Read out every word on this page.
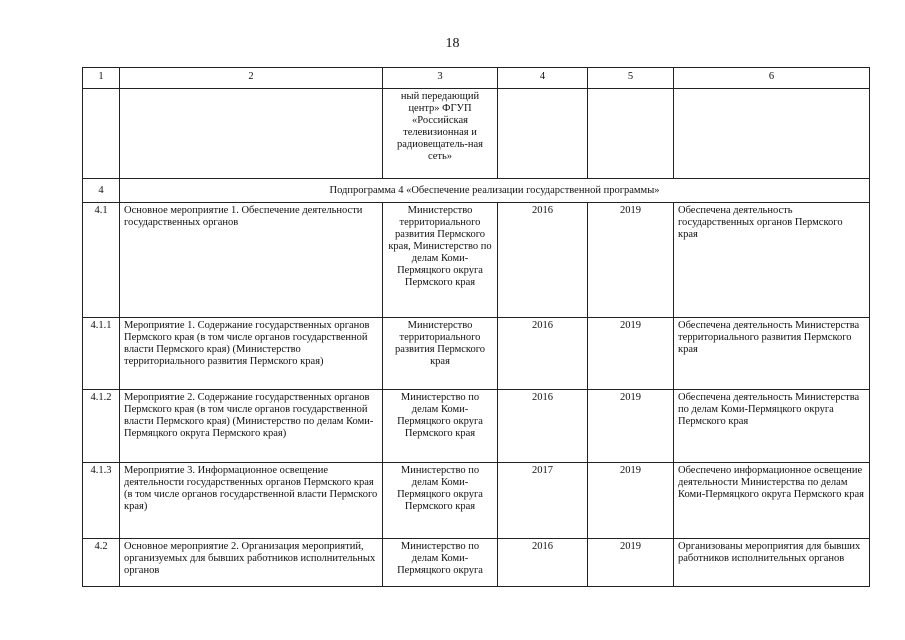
18
1	2	3	4	5	6
		ный передающий центр» ФГУП «Российская телевизионная и радиовещатель-ная сеть»			
4	Подпрограмма 4 «Обеспечение реализации государственной программы»				
4.1	Основное мероприятие 1. Обеспечение деятельности государственных органов	Министерство территориального развития Пермского края, Министерство по делам Коми-Пермяцкого округа Пермского края	2016	2019	Обеспечена деятельность государственных органов Пермского края
4.1.1	Мероприятие 1. Содержание государственных органов Пермского края (в том числе органов государственной власти Пермского края) (Министерство территориального развития Пермского края)	Министерство территориального развития Пермского края	2016	2019	Обеспечена деятельность Министерства территориального развития Пермского края
4.1.2	Мероприятие 2. Содержание государственных органов Пермского края (в том числе органов государственной власти Пермского края) (Министерство по делам Коми-Пермяцкого округа Пермского края)	Министерство по делам Коми-Пермяцкого округа Пермского края	2016	2019	Обеспечена деятельность Министерства по делам Коми-Пермяцкого округа Пермского края
4.1.3	Мероприятие 3. Информационное освещение деятельности государственных органов Пермского края (в том числе органов государственной власти Пермского края)	Министерство по делам Коми-Пермяцкого округа Пермского края	2017	2019	Обеспечено информационное освещение деятельности Министерства по делам Коми-Пермяцкого округа Пермского края
4.2	Основное мероприятие 2. Организация мероприятий, организуемых для бывших работников исполнительных органов	Министерство по делам Коми-Пермяцкого округа	2016	2019	Организованы мероприятия для бывших работников исполнительных органов
